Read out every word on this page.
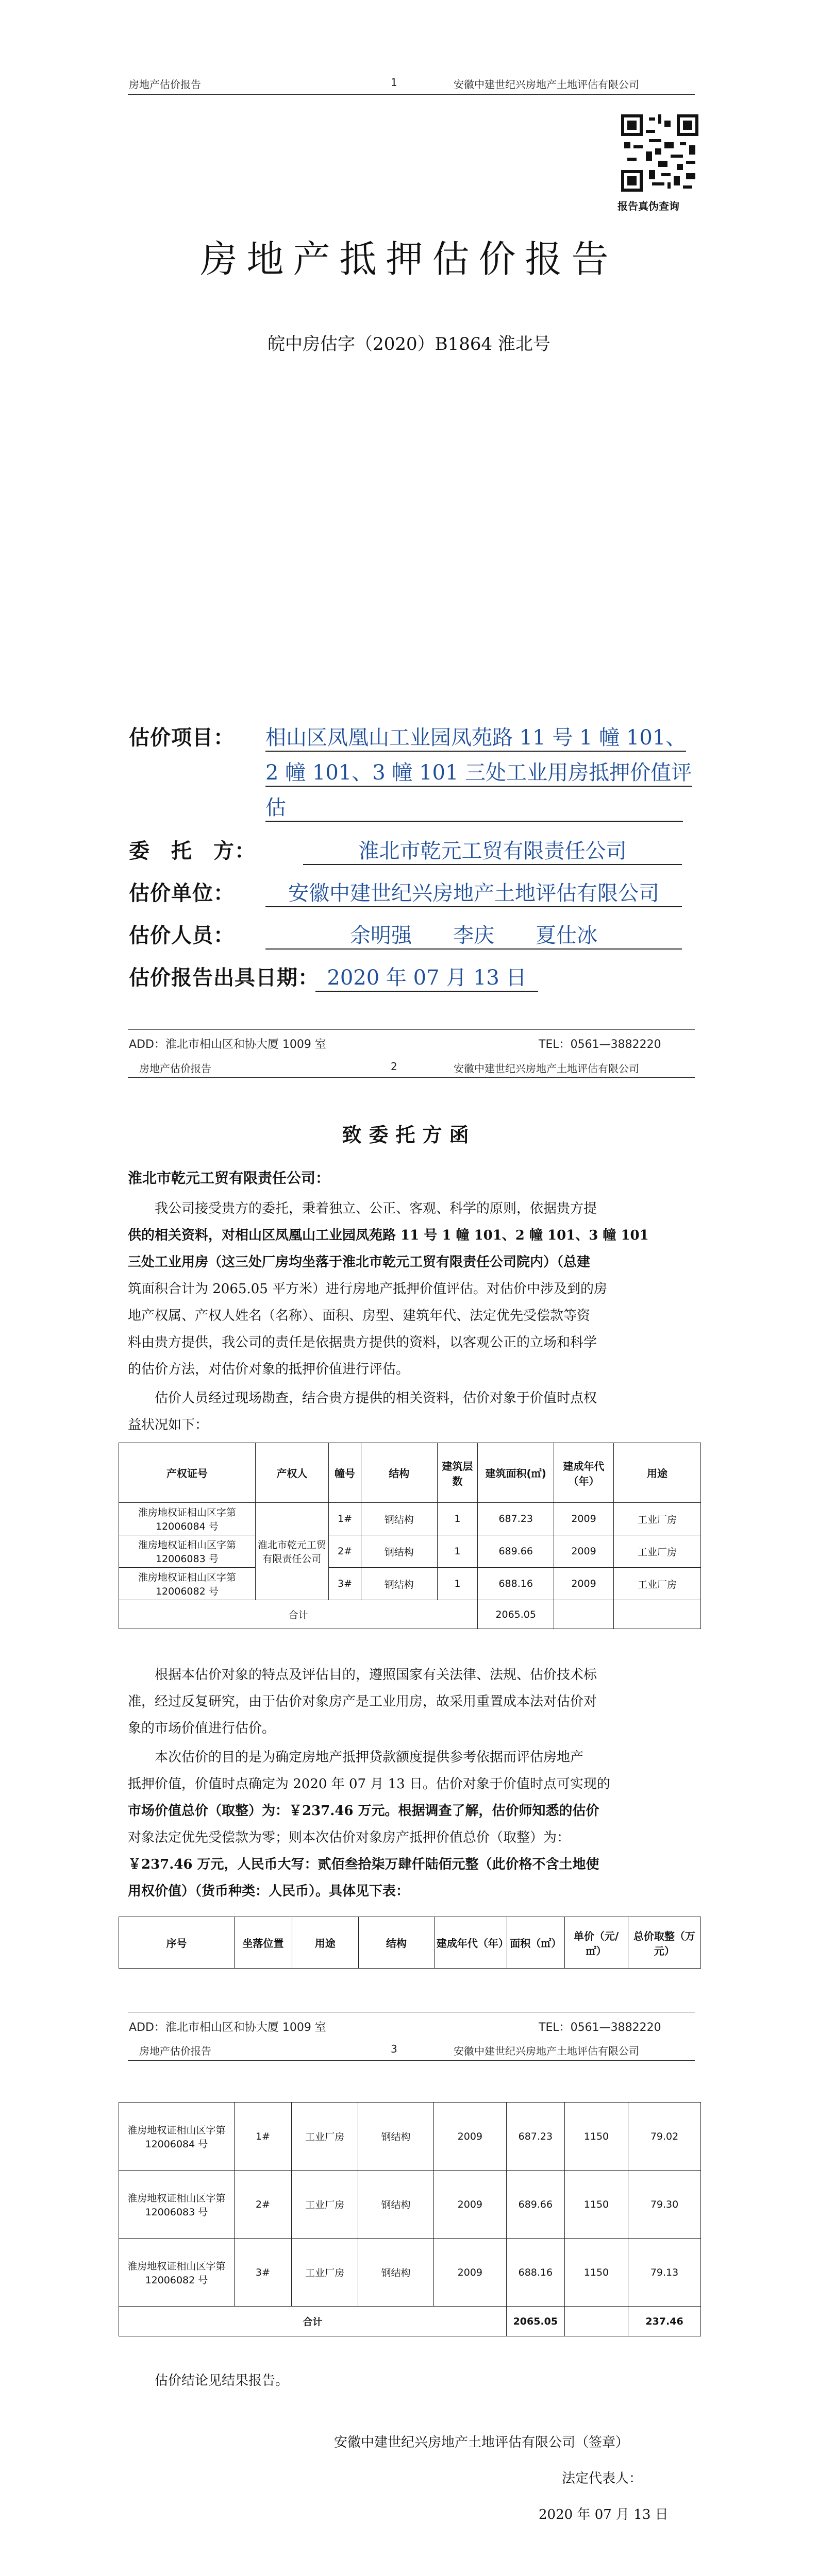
房地产估价报告	1	安徽中建世纪兴房地产土地评估有限公司
报告真伪查询
房地产抵押估价报告
皖中房估字（2020）B1864 淮北号
估价项目： 相山区凤凰山工业园凤苑路 11 号 1 幢 101、
2 幢 101、3 幢 101 三处工业用房抵押价值评
估
委　托　方：	淮北市乾元工贸有限责任公司
估价单位：	安徽中建世纪兴房地产土地评估有限公司
估价人员：	余明强　　李庆　　夏仕冰
估价报告出具日期： 2020 年 07 月 13 日
ADD：淮北市相山区和协大厦 1009 室	TEL：0561—3882220
房地产估价报告	2	安徽中建世纪兴房地产土地评估有限公司
致委托方函
淮北市乾元工贸有限责任公司：
我公司接受贵方的委托，秉着独立、公正、客观、科学的原则，依据贵方提
供的相关资料，对相山区凤凰山工业园凤苑路 11 号 1 幢 101、2 幢 101、3 幢 101
三处工业用房（这三处厂房均坐落于淮北市乾元工贸有限责任公司院内）（总建
筑面积合计为 2065.05 平方米）进行房地产抵押价值评估。对估价中涉及到的房
地产权属、产权人姓名（名称）、面积、房型、建筑年代、法定优先受偿款等资
料由贵方提供，我公司的责任是依据贵方提供的资料，以客观公正的立场和科学
的估价方法，对估价对象的抵押价值进行评估。
估价人员经过现场勘查，结合贵方提供的相关资料，估价对象于价值时点权
益状况如下：
产权证号	产权人	幢号	结构	建筑层数	建筑面积(㎡)	建成年代（年）	用途
淮房地权证相山区字第 12006084 号	淮北市乾元工贸有限责任公司	1#	钢结构	1	687.23	2009	工业厂房
淮房地权证相山区字第 12006083 号		2#	钢结构	1	689.66	2009	工业厂房
淮房地权证相山区字第 12006082 号		3#	钢结构	1	688.16	2009	工业厂房
合计					2065.05		
根据本估价对象的特点及评估目的，遵照国家有关法律、法规、估价技术标
准，经过反复研究，由于估价对象房产是工业用房，故采用重置成本法对估价对
象的市场价值进行估价。
本次估价的目的是为确定房地产抵押贷款额度提供参考依据而评估房地产
抵押价值，价值时点确定为 2020 年 07 月 13 日。估价对象于价值时点可实现的
市场价值总价（取整）为：￥237.46 万元。根据调查了解，估价师知悉的估价
对象法定优先受偿款为零；则本次估价对象房产抵押价值总价（取整）为：
￥237.46 万元，人民币大写：贰佰叁拾柒万肆仟陆佰元整（此价格不含土地使
用权价值）（货币种类：人民币）。具体见下表：
序号	坐落位置	用途	结构	建成年代（年）	面积（㎡）	单价（元/㎡）	总价取整（万元）
ADD：淮北市相山区和协大厦 1009 室	TEL：0561—3882220
房地产估价报告	3	安徽中建世纪兴房地产土地评估有限公司
淮房地权证相山区字第 12006084 号	1#	工业厂房	钢结构	2009	687.23	1150	79.02
淮房地权证相山区字第 12006083 号	2#	工业厂房	钢结构	2009	689.66	1150	79.30
淮房地权证相山区字第 12006082 号	3#	工业厂房	钢结构	2009	688.16	1150	79.13
合计					2065.05		237.46
估价结论见结果报告。
安徽中建世纪兴房地产土地评估有限公司（签章）
法定代表人：
2020 年 07 月 13 日
